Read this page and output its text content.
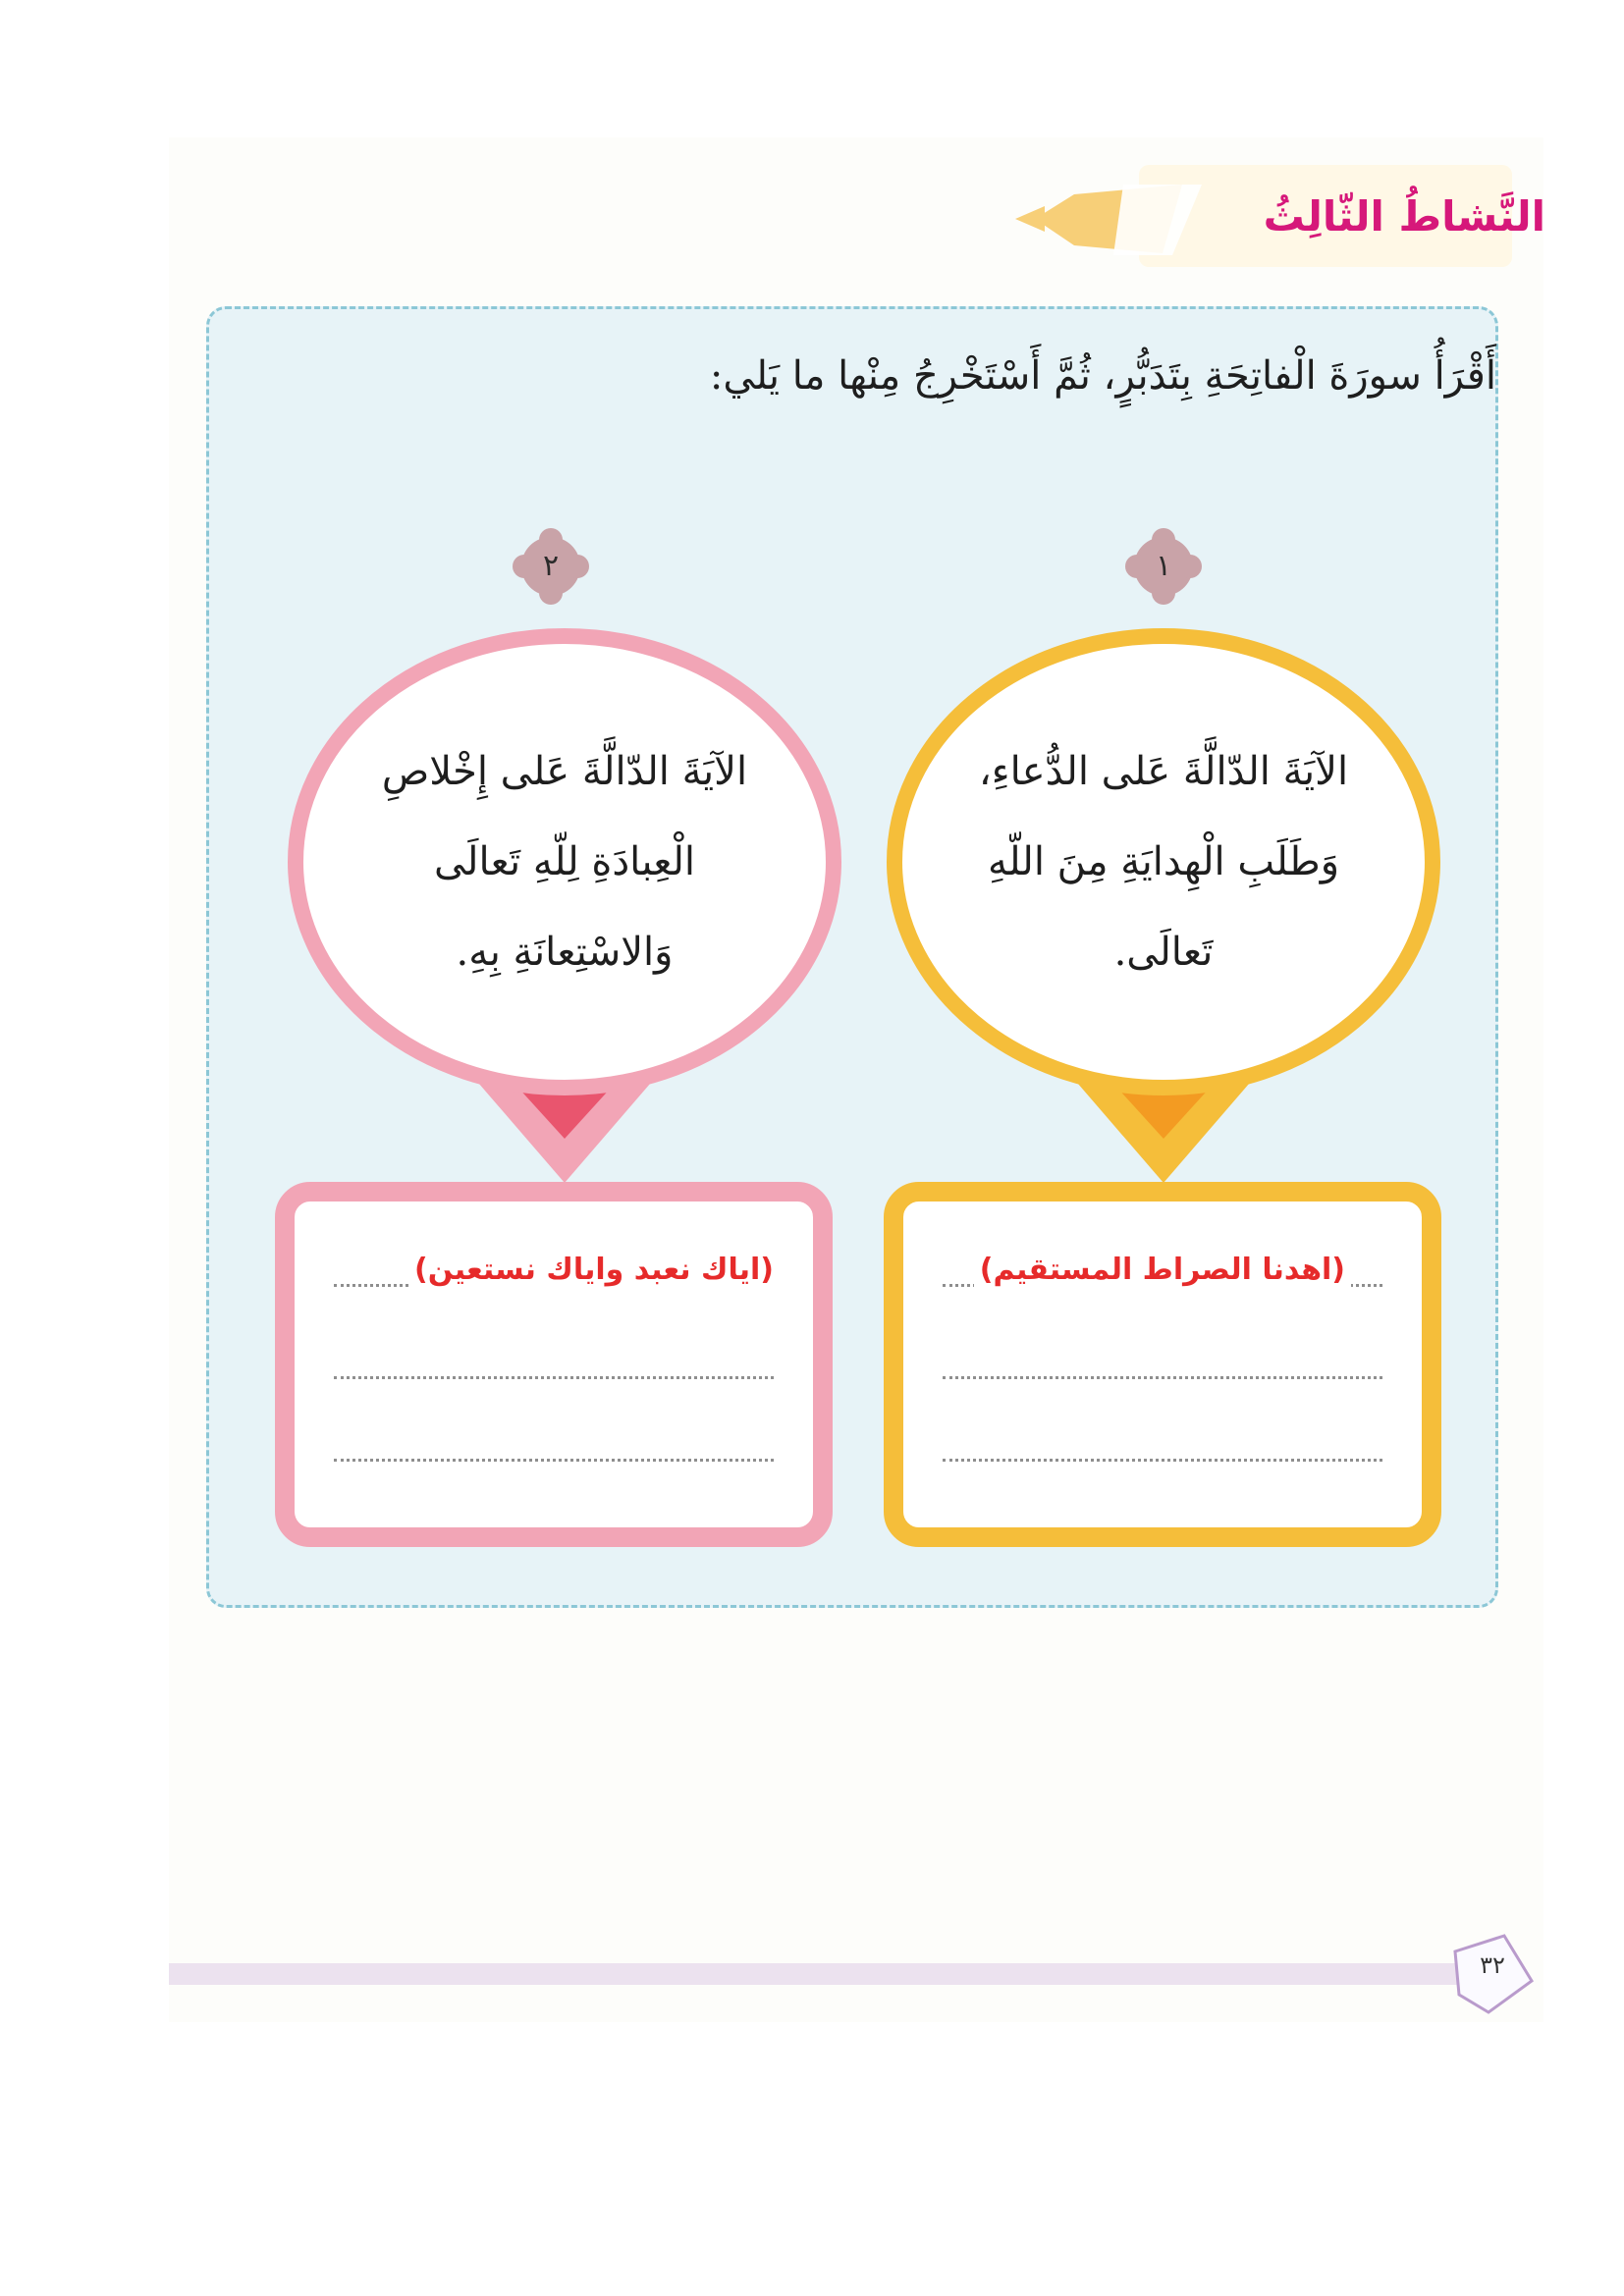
النَّشاطُ الثّالِثُ
أَقْرَأُ سورَةَ الْفاتِحَةِ بِتَدَبُّرٍ، ثُمَّ أَسْتَخْرِجُ مِنْها ما يَلي:
١
٢
الآيَةَ الدّالَّةَ عَلى الدُّعاءِ،
وَطَلَبِ الْهِدايَةِ مِنَ اللّهِ
تَعالَى.
الآيَةَ الدّالَّةَ عَلى إِخْلاصِ
الْعِبادَةِ لِلّهِ تَعالَى
وَالاسْتِعانَةِ بِهِ.
(اهدنا الصراط المستقيم)
(اياك نعبد واياك نستعين)
٣٢
